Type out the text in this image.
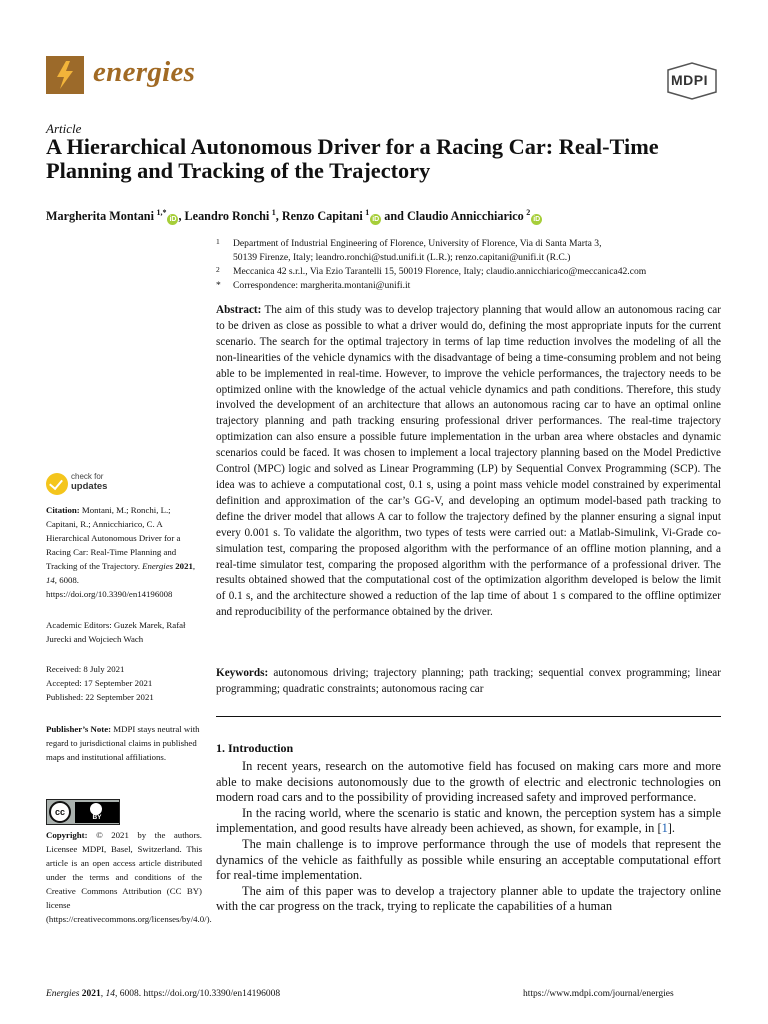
energies	MDPI
Article
A Hierarchical Autonomous Driver for a Racing Car: Real-Time Planning and Tracking of the Trajectory
Margherita Montani  $^{1,*}$iD , Leandro Ronchi  $^1$, Renzo Capitani  $^1$iD and Claudio Annicchiarico  $^2$iD
1 Department of Industrial Engineering of Florence, University of Florence, Via di Santa Marta 3,
50139 Firenze, Italy; leandro.ronchi@stud.unifi.it (L.R.); renzo.capitani@unifi.it (R.C.)
2 Meccanica 42 s.r.l., Via Ezio Tarantelli 15, 50019 Florence, Italy; claudio.annicchiarico@meccanica42.com
* Correspondence: margherita.montani@unifi.it
Abstract: The aim of this study was to develop trajectory planning that would allow an autonomous racing car to be driven as close as possible to what a driver would do, defining the most appropriate inputs for the current scenario. The search for the optimal trajectory in terms of lap time reduction involves the modeling of all the non-linearities of the vehicle dynamics with the disadvantage of being a time-consuming problem and not being able to be implemented in real-time. However, to improve the vehicle performances, the trajectory needs to be optimized online with the knowledge of the actual vehicle dynamics and path conditions. Therefore, this study involved the development of an architecture that allows an autonomous racing car to have an optimal online trajectory planning and path tracking ensuring professional driver performances. The real-time trajectory optimization can also ensure a possible future implementation in the urban area where obstacles and dynamic scenarios could be faced. It was chosen to implement a local trajectory planning based on the Model Predictive Control (MPC) logic and solved as Linear Programming (LP) by Sequential Convex Programming (SCP). The idea was to achieve a computational cost, 0.1 s, using a point mass vehicle model constrained by experimental definition and approximation of the car’s GG-V, and developing an optimum model-based path tracking to define the driver model that allows A car to follow the trajectory defined by the planner ensuring a signal input every 0.001 s. To validate the algorithm, two types of tests were carried out: a Matlab-Simulink, Vi-Grade co-simulation test, comparing the proposed algorithm with the performance of an offline motion planning, and a real-time simulator test, comparing the proposed algorithm with the performance of a professional driver. The results obtained showed that the computational cost of the optimization algorithm developed is below the limit of 0.1 s, and the architecture showed a reduction of the lap time of about 1 s compared to the offline optimizer and reproducibility of the performance obtained by the driver.
Keywords: autonomous driving; trajectory planning; path tracking; sequential convex programming; linear programming; quadratic constraints; autonomous racing car
1. Introduction

In recent years, research on the automotive field has focused on making cars more and more able to make decisions autonomously due to the growth of electric and electronic technologies on modern road cars and to the possibility of providing increased safety and improved performance.

In the racing world, where the scenario is static and known, the perception system has a simple implementation, and good results have already been achieved, as shown, for example, in [1].

The main challenge is to improve performance through the use of models that represent the dynamics of the vehicle as faithfully as possible while ensuring an acceptable computational effort for real-time implementation.

The aim of this paper was to develop a trajectory planner able to update the trajectory online with the car progress on the track, trying to replicate the capabilities of a human

check for
updates
Citation: Montani, M.; Ronchi, L.; Capitani, R.; Annicchiarico, C. A Hierarchical Autonomous Driver for a Racing Car: Real-Time Planning and Tracking of the Trajectory. Energies 2021, 14, 6008. https://doi.org/10.3390/en14196008
Academic Editors: Guzek Marek, Rafał Jurecki and Wojciech Wach
Received: 8 July 2021
Accepted: 17 September 2021
Published: 22 September 2021
Publisher’s Note: MDPI stays neutral with regard to jurisdictional claims in published maps and institutional affiliations.
cc
BY
Copyright: © 2021 by the authors. Licensee MDPI, Basel, Switzerland. This article is an open access article distributed under the terms and conditions of the Creative Commons Attribution (CC BY) license (https://creativecommons.org/licenses/by/4.0/).
Energies 2021, 14, 6008. https://doi.org/10.3390/en14196008	https://www.mdpi.com/journal/energies
